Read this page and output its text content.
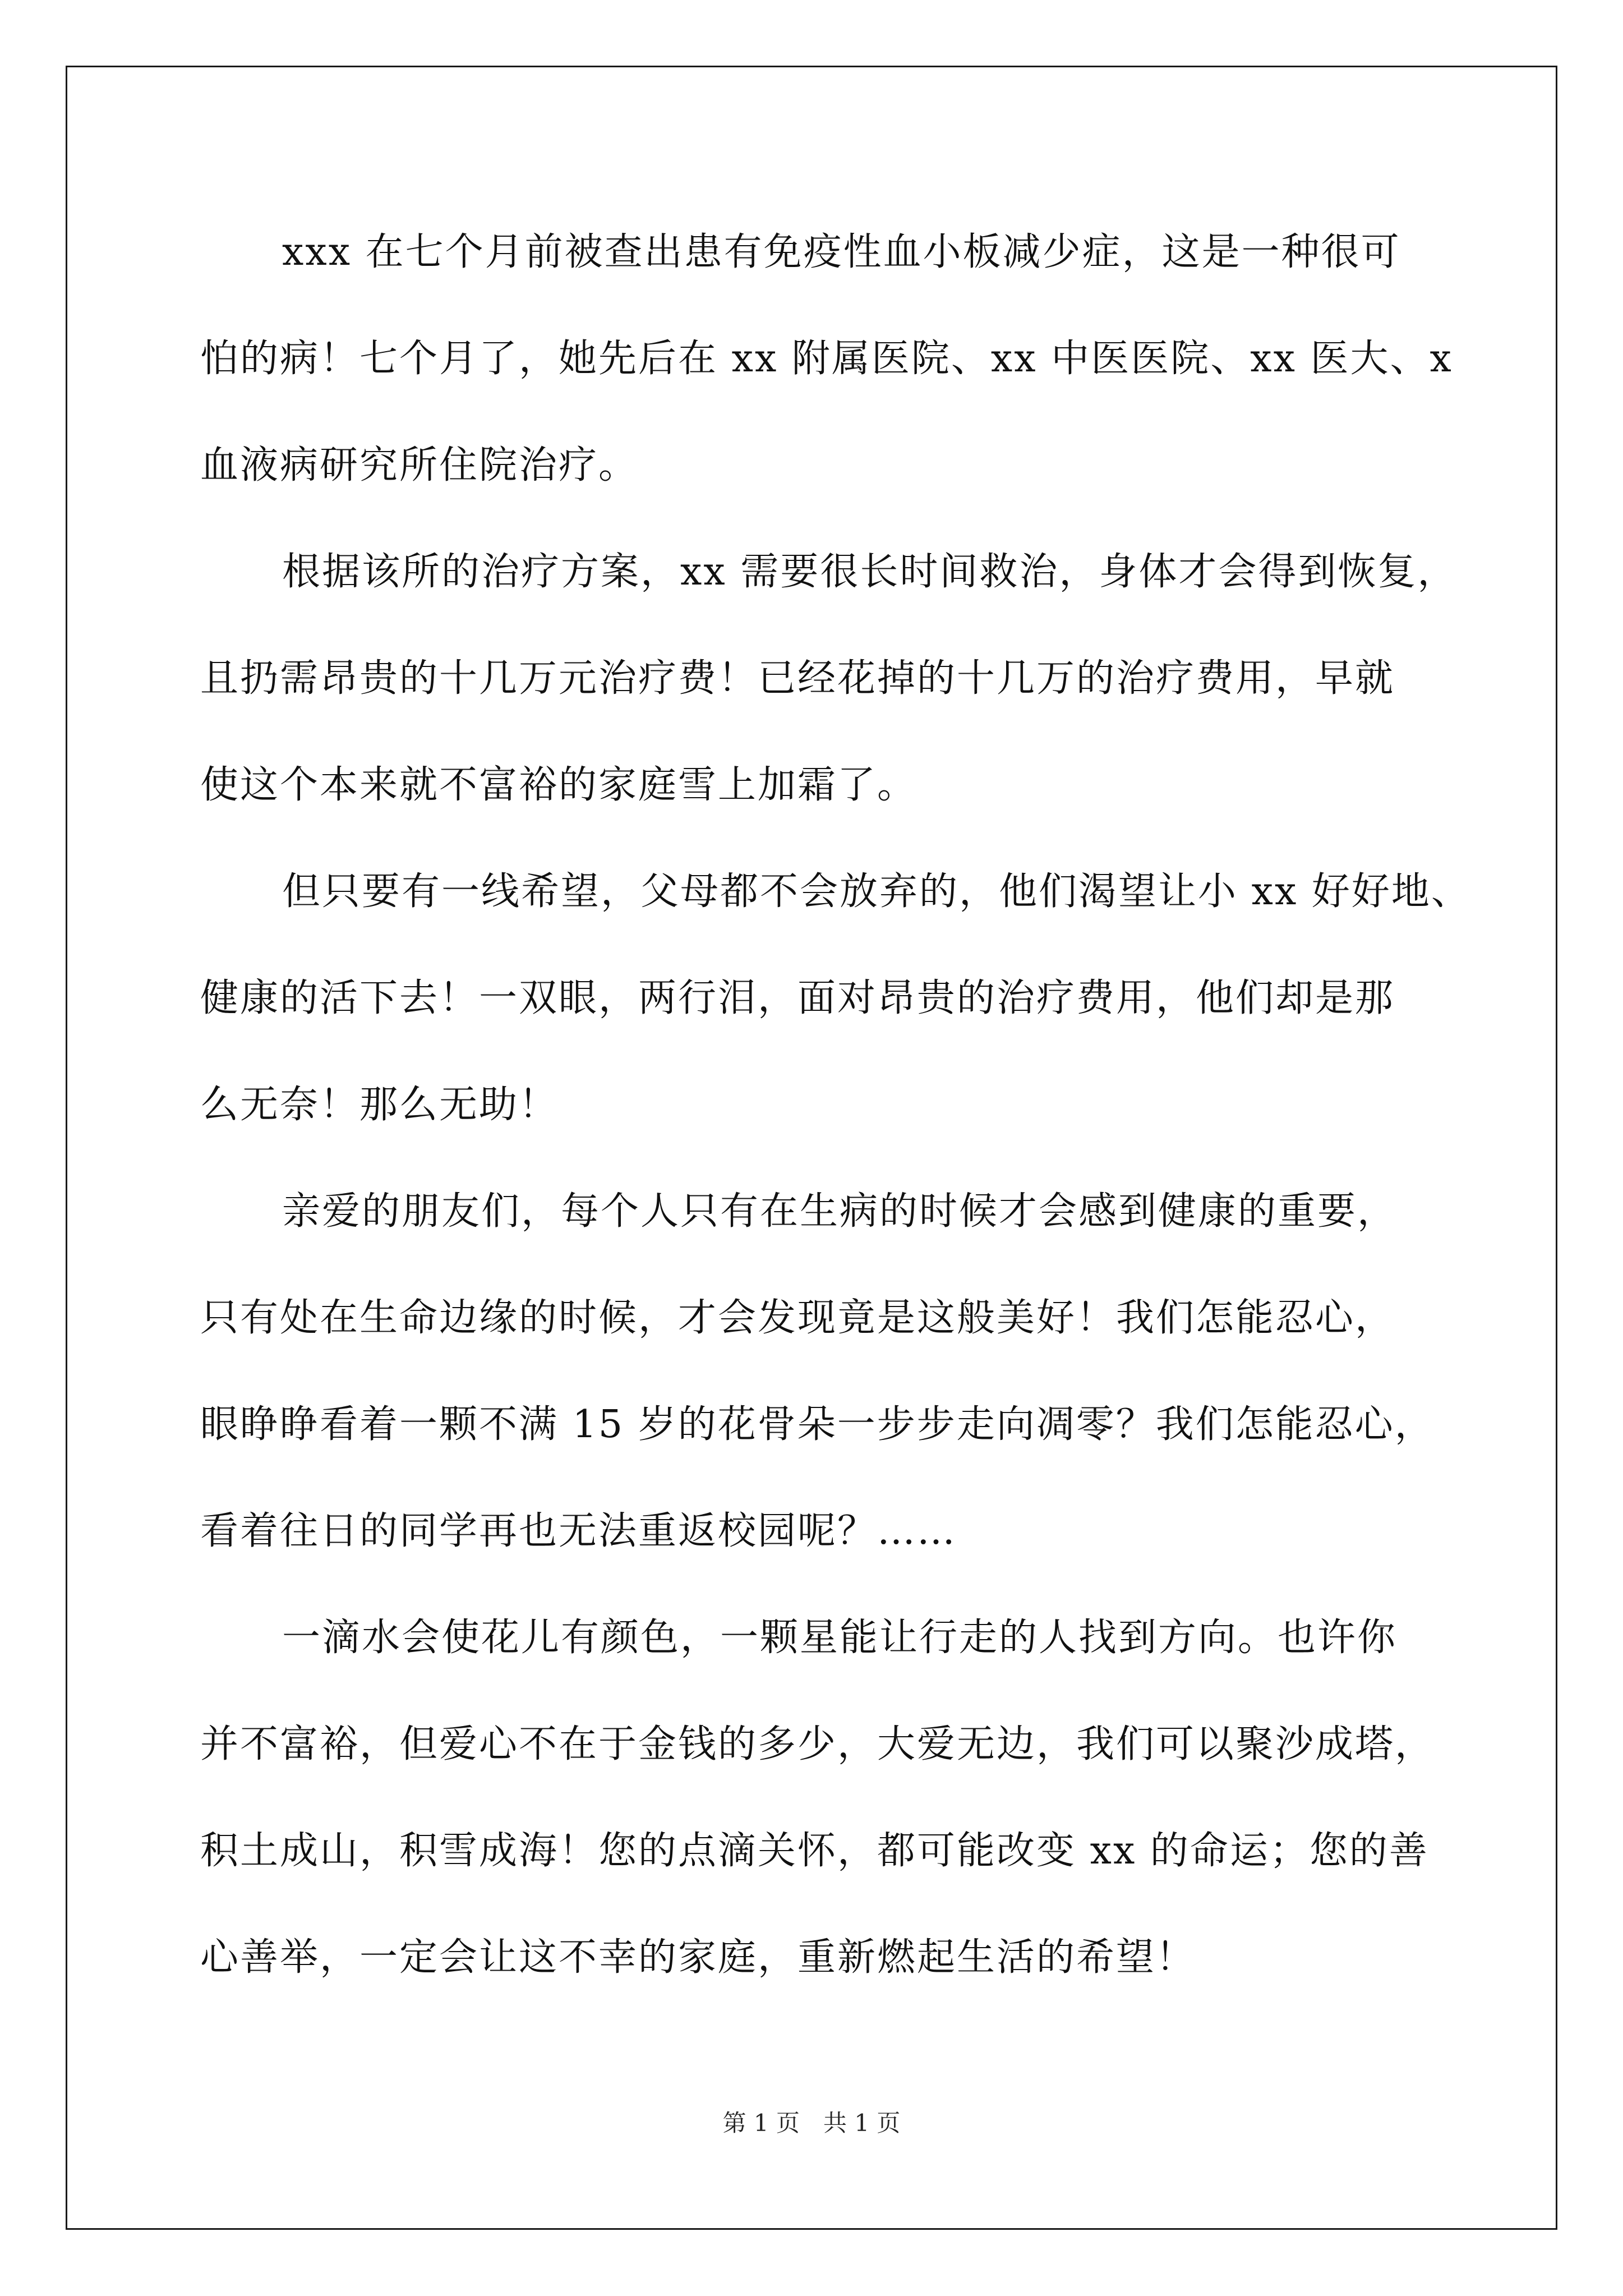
xxx 在七个月前被查出患有免疫性血小板减少症，这是一种很可
怕的病！七个月了，她先后在 xx 附属医院、xx 中医医院、xx 医大、x
血液病研究所住院治疗。
根据该所的治疗方案，xx 需要很长时间救治，身体才会得到恢复，
且扔需昂贵的十几万元治疗费！已经花掉的十几万的治疗费用，早就
使这个本来就不富裕的家庭雪上加霜了。
但只要有一线希望，父母都不会放弃的，他们渴望让小 xx 好好地、
健康的活下去！一双眼，两行泪，面对昂贵的治疗费用，他们却是那
么无奈！那么无助！
亲爱的朋友们，每个人只有在生病的时候才会感到健康的重要，
只有处在生命边缘的时候，才会发现竟是这般美好！我们怎能忍心，
眼睁睁看着一颗不满 15 岁的花骨朵一步步走向凋零？我们怎能忍心，
看着往日的同学再也无法重返校园呢？……
一滴水会使花儿有颜色，一颗星能让行走的人找到方向。也许你
并不富裕，但爱心不在于金钱的多少，大爱无边，我们可以聚沙成塔，
积土成山，积雪成海！您的点滴关怀，都可能改变 xx 的命运；您的善
心善举，一定会让这不幸的家庭，重新燃起生活的希望！
第 1 页　共 1 页
